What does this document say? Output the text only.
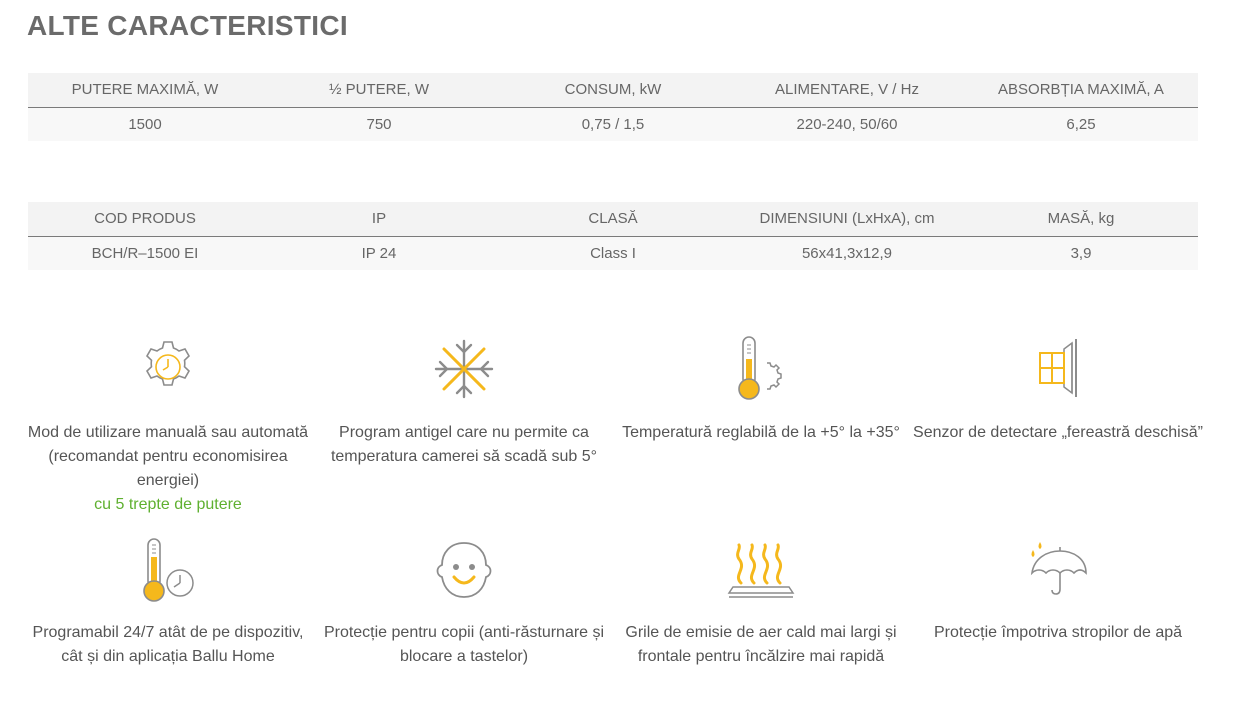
ALTE CARACTERISTICI
PUTERE MAXIMĂ, W	½ PUTERE, W	CONSUM, kW	ALIMENTARE, V / Hz	ABSORBȚIA MAXIMĂ, A
1500	750	0,75 / 1,5	220-240, 50/60	6,25
COD PRODUS	IP	CLASĂ	DIMENSIUNI (LxHxA), cm	MASĂ, kg
BCH/R–1500 EI	IP 24	Class I	56x41,3x12,9	3,9
Mod de utilizare manuală sau automată (recomandat pentru economisirea energiei)
cu 5 trepte de putere
Program antigel care nu permite ca temperatura camerei să scadă sub 5°
Temperatură reglabilă de la +5° la +35° Senzor de detectare „fereastră deschisă”
Programabil 24/7 atât de pe dispozitiv, cât și din aplicația Ballu Home
Protecție pentru copii (anti-răsturnare și blocare a tastelor)
Grile de emisie de aer cald mai largi și frontale pentru încălzire mai rapidă
Protecție împotriva stropilor de apă
